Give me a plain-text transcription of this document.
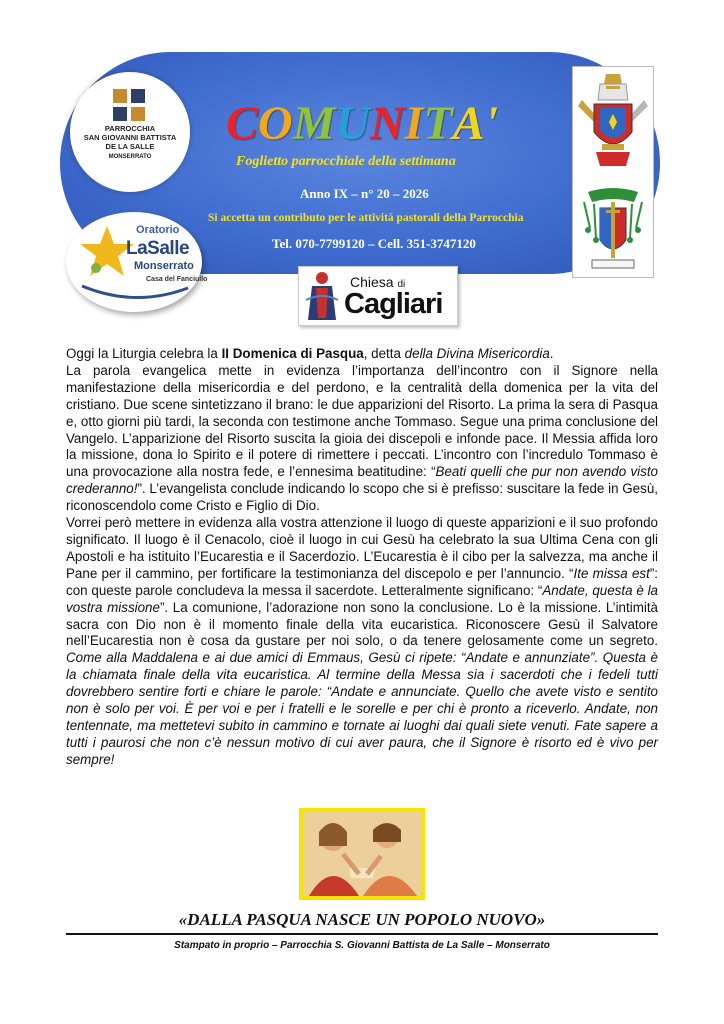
PARROCCHIA
SAN GIOVANNI BATTISTA
DE LA SALLE
MONSERRATO
Oratorio
LaSalle
Monserrato
Casa del Fanciullo
COMUNITA'
Foglietto parrocchiale della settimana
Anno IX – n° 20 – 2026
Si accetta un contributo per le attività pastorali della Parrocchia
Tel. 070-7799120 – Cell. 351-3747120
Chiesa di
Cagliari

Oggi la Liturgia celebra la II Domenica di Pasqua, detta della Divina Misericordia.

La parola evangelica mette in evidenza l’importanza dell’incontro con il Signore nella manifestazione della misericordia e del perdono, e la centralità della domenica per la vita del cristiano. Due scene sintetizzano il brano: le due apparizioni del Risorto. La prima la sera di Pasqua e, otto giorni più tardi, la seconda con testimone anche Tommaso. Segue una prima conclusione del Vangelo. L’apparizione del Risorto suscita la gioia dei discepoli e infonde pace. Il Messia affida loro la missione, dona lo Spirito e il potere di rimettere i peccati. L’incontro con l’incredulo Tommaso è una provocazione alla nostra fede, e l’ennesima beatitudine: “Beati quelli che pur non avendo visto crederanno!”. L’evangelista conclude indicando lo scopo che si è prefisso: suscitare la fede in Gesù, riconoscendolo come Cristo e Figlio di Dio.

Vorrei però mettere in evidenza alla vostra attenzione il luogo di queste apparizioni e il suo profondo significato. Il luogo è il Cenacolo, cioè il luogo in cui Gesù ha celebrato la sua Ultima Cena con gli Apostoli e ha istituito l’Eucarestia e il Sacerdozio. L’Eucarestia è il cibo per la salvezza, ma anche il Pane per il cammino, per fortificare la testimonianza del discepolo e per l’annuncio. “Ite missa est”: con queste parole concludeva la messa il sacerdote. Letteralmente significano: “Andate, questa è la vostra missione”. La comunione, l’adorazione non sono la conclusione. Lo è la missione. L’intimità sacra con Dio non è il momento finale della vita eucaristica. Riconoscere Gesù il Salvatore nell’Eucarestia non è cosa da gustare per noi solo, o da tenere gelosamente come un segreto. Come alla Maddalena e ai due amici di Emmaus, Gesù ci ripete: “Andate e annunziate”. Questa è la chiamata finale della vita eucaristica. Al termine della Messa sia i sacerdoti che i fedeli tutti dovrebbero sentire forti e chiare le parole: “Andate e annunciate. Quello che avete visto e sentito non è solo per voi. È per voi e per i fratelli e le sorelle e per chi è pronto a riceverlo. Andate, non tentennate, ma mettetevi subito in cammino e tornate ai luoghi dai quali siete venuti. Fate sapere a tutti i paurosi che non c’è nessun motivo di cui aver paura, che il Signore è risorto ed è vivo per sempre!

«DALLA PASQUA NASCE UN POPOLO NUOVO»
Stampato in proprio – Parrocchia S. Giovanni Battista de La Salle – Monserrato
